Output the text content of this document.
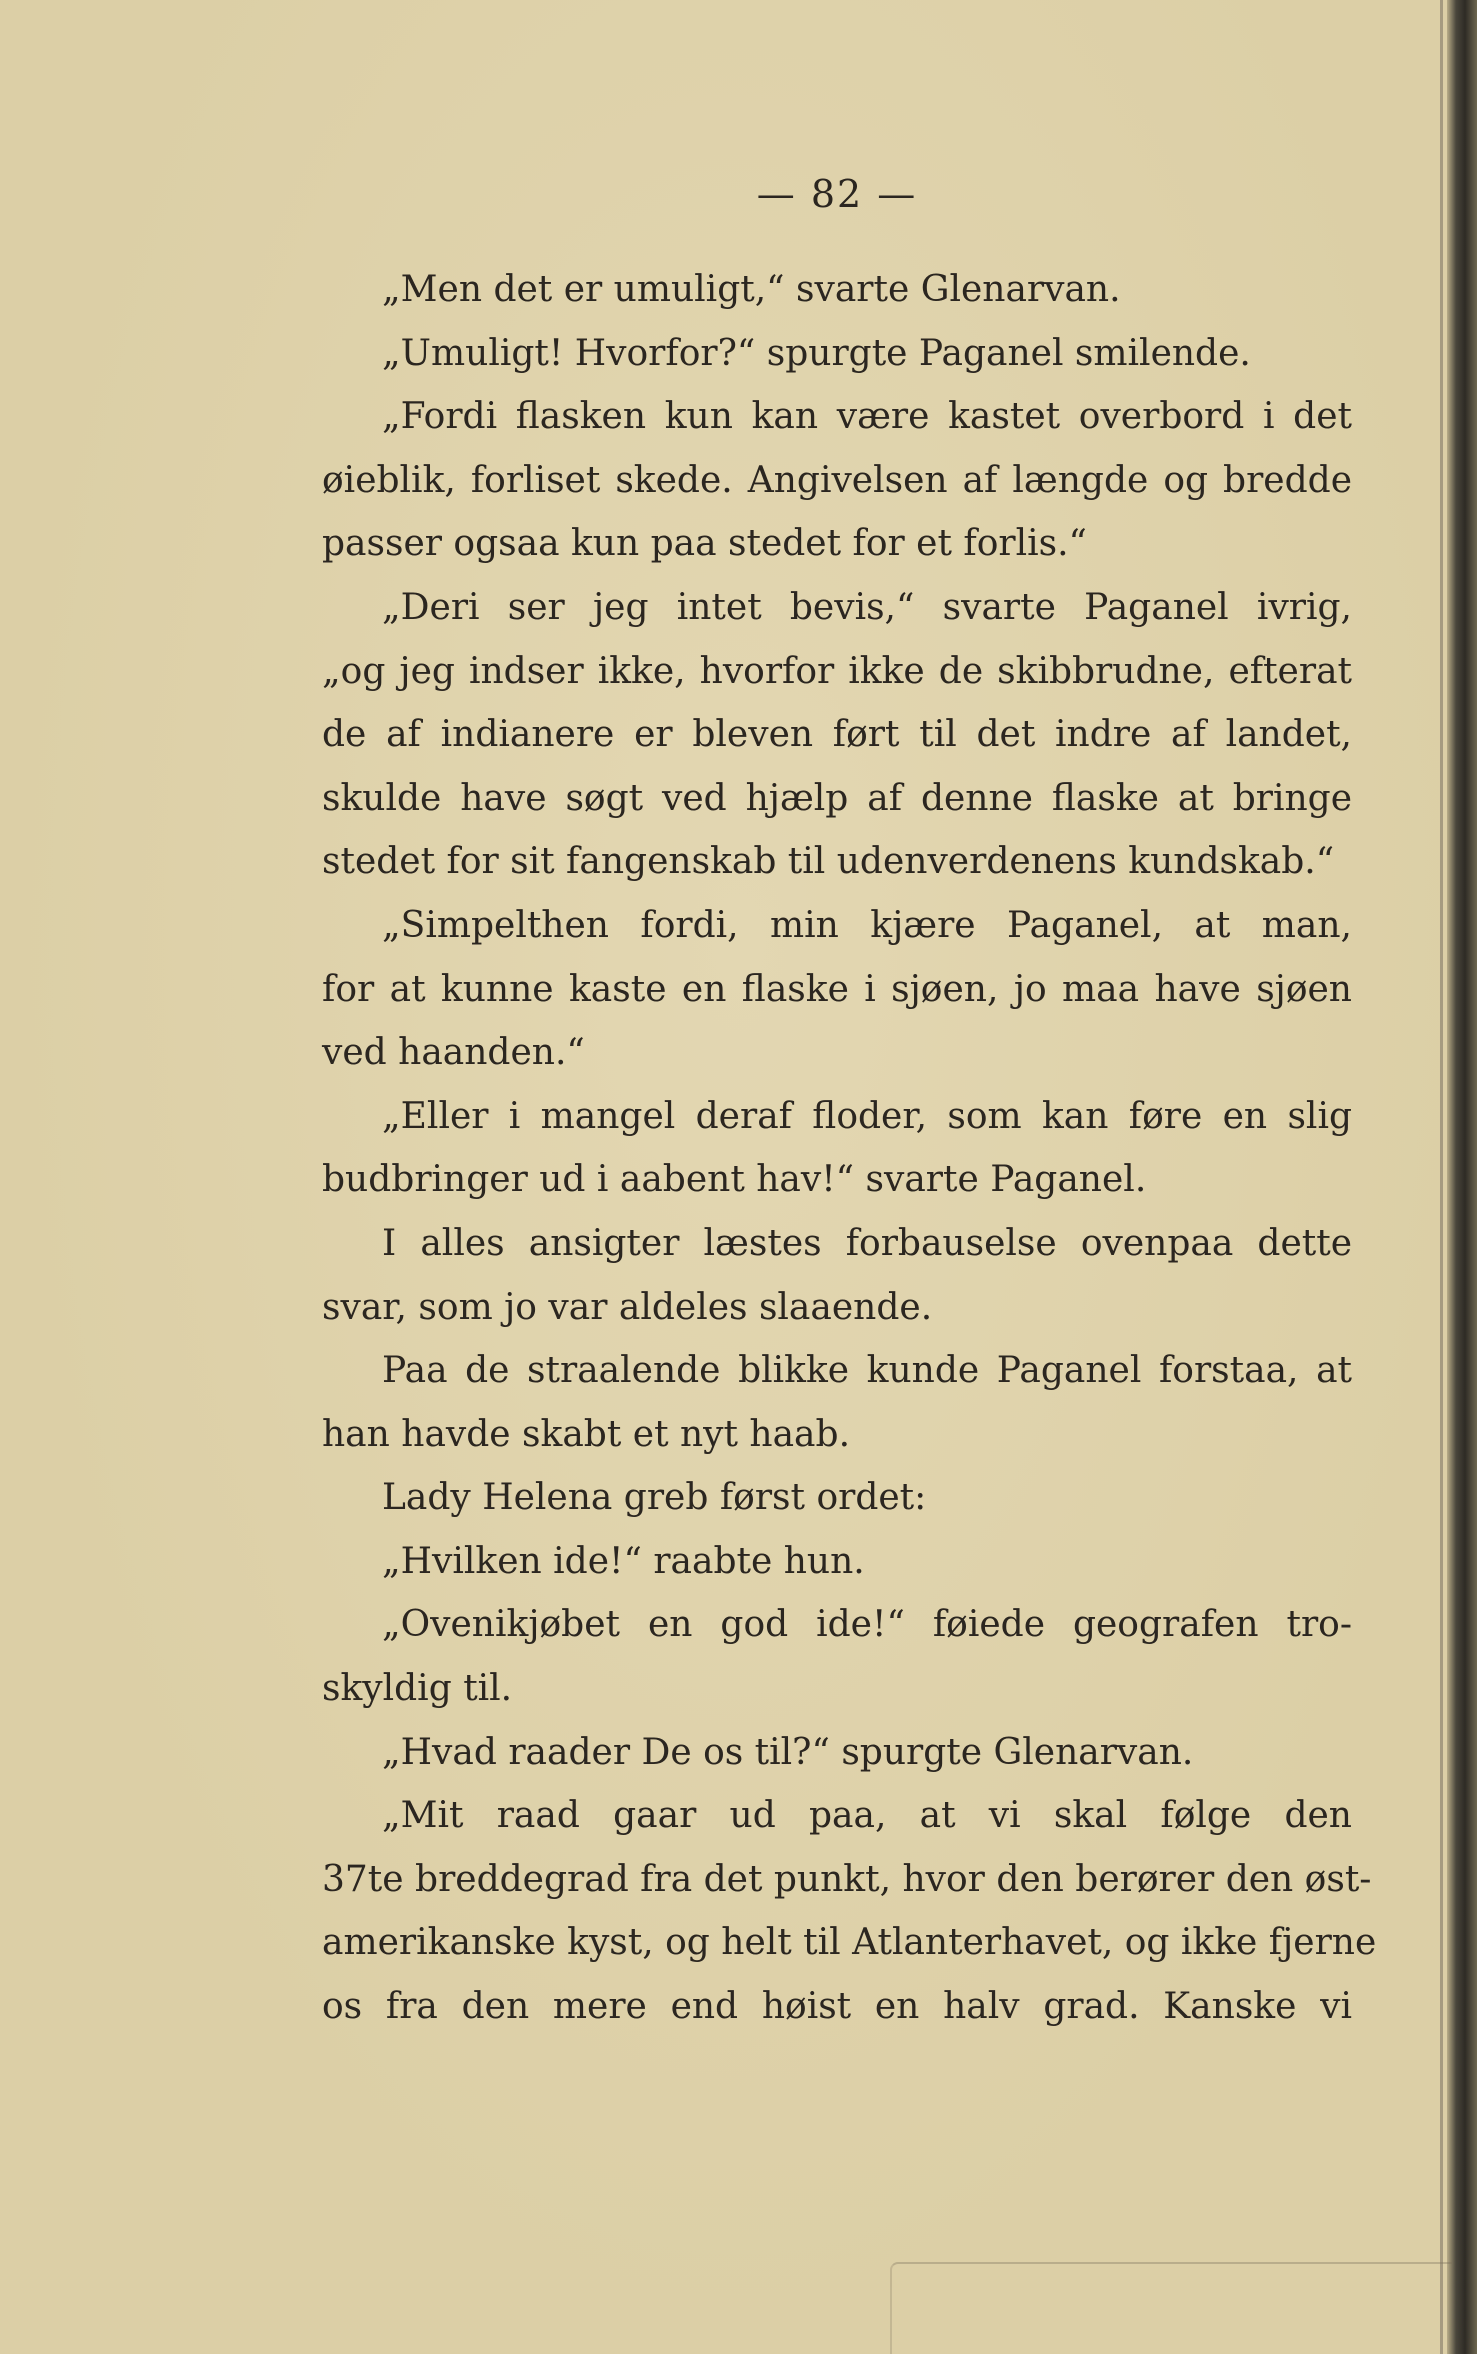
— 82 —
„Men det er umuligt,“ svarte Glenarvan.
„Umuligt! Hvorfor?“ spurgte Paganel smilende.
„Fordi flasken kun kan være kastet overbord i det
øieblik, forliset skede. Angivelsen af længde og bredde
passer ogsaa kun paa stedet for et forlis.“
„Deri ser jeg intet bevis,“ svarte Paganel ivrig,
„og jeg indser ikke, hvorfor ikke de skibbrudne, efterat
de af indianere er bleven ført til det indre af landet,
skulde have søgt ved hjælp af denne flaske at bringe
stedet for sit fangenskab til udenverdenens kundskab.“
„Simpelthen fordi, min kjære Paganel, at man,
for at kunne kaste en flaske i sjøen, jo maa have sjøen
ved haanden.“
„Eller i mangel deraf floder, som kan føre en slig
budbringer ud i aabent hav!“ svarte Paganel.
I alles ansigter læstes forbauselse ovenpaa dette
svar, som jo var aldeles slaaende.
Paa de straalende blikke kunde Paganel forstaa, at
han havde skabt et nyt haab.
Lady Helena greb først ordet:
„Hvilken ide!“ raabte hun.
„Ovenikjøbet en god ide!“ føiede geografen tro-
skyldig til.
„Hvad raader De os til?“ spurgte Glenarvan.
„Mit raad gaar ud paa, at vi skal følge den
37te breddegrad fra det punkt, hvor den berører den øst-
amerikanske kyst, og helt til Atlanterhavet, og ikke fjerne
os fra den mere end høist en halv grad. Kanske vi
